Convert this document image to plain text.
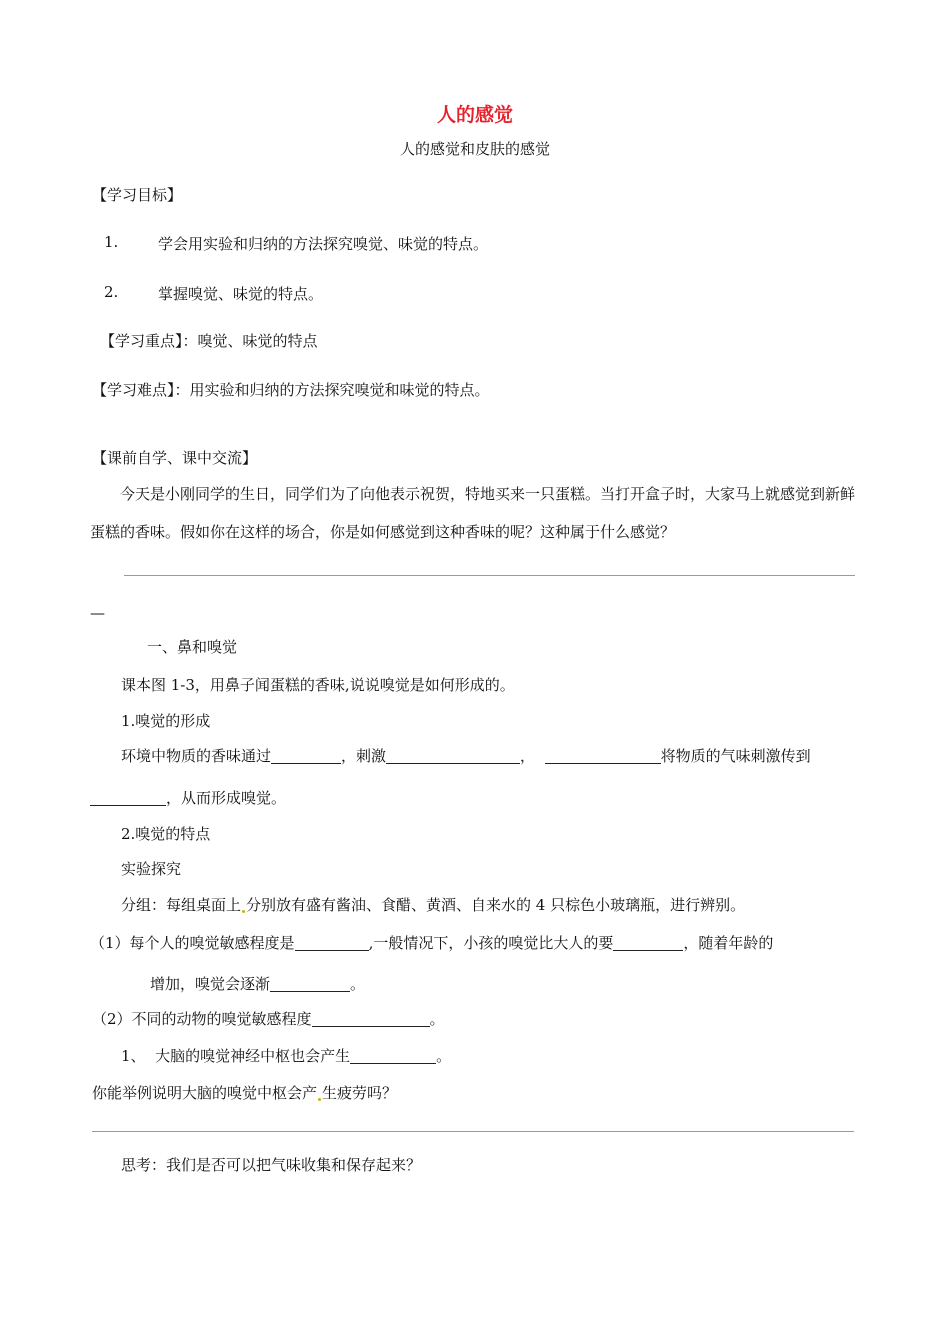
人的感觉
人的感觉和皮肤的感觉
【学习目标】
1.	学会用实验和归纳的方法探究嗅觉、味觉的特点。
2.	掌握嗅觉、味觉的特点。
【学习重点】：嗅觉、味觉的特点
【学习难点】：用实验和归纳的方法探究嗅觉和味觉的特点。
【课前自学、课中交流】
今天是小刚同学的生日，同学们为了向他表示祝贺，特地买来一只蛋糕。当打开盒子时，大家马上就感觉到新鲜蛋糕的香味。假如你在这样的场合，你是如何感觉到这种香味的呢？这种属于什么感觉？
—
一、鼻和嗅觉
课本图 1-3，用鼻子闻蛋糕的香味,说说嗅觉是如何形成的。
1.嗅觉的形成
环境中物质的香味通过	，刺激	，	将物质的气味刺激传到
，从而形成嗅觉。
2.嗅觉的特点
实验探究
分组：每组桌面上 分别放有盛有酱油、食醋、黄酒、自来水的 4 只棕色小玻璃瓶，进行辨别。
（1）每个人的嗅觉敏感程度是	,一般情况下，小孩的嗅觉比大人的要	，随着年龄的
增加，嗅觉会逐渐	。
（2）不同的动物的嗅觉敏感程度	。
1、 大脑的嗅觉神经中枢也会产生	。
你能举例说明大脑的嗅觉中枢会产 生疲劳吗？
思考：我们是否可以把气味收集和保存起来？
